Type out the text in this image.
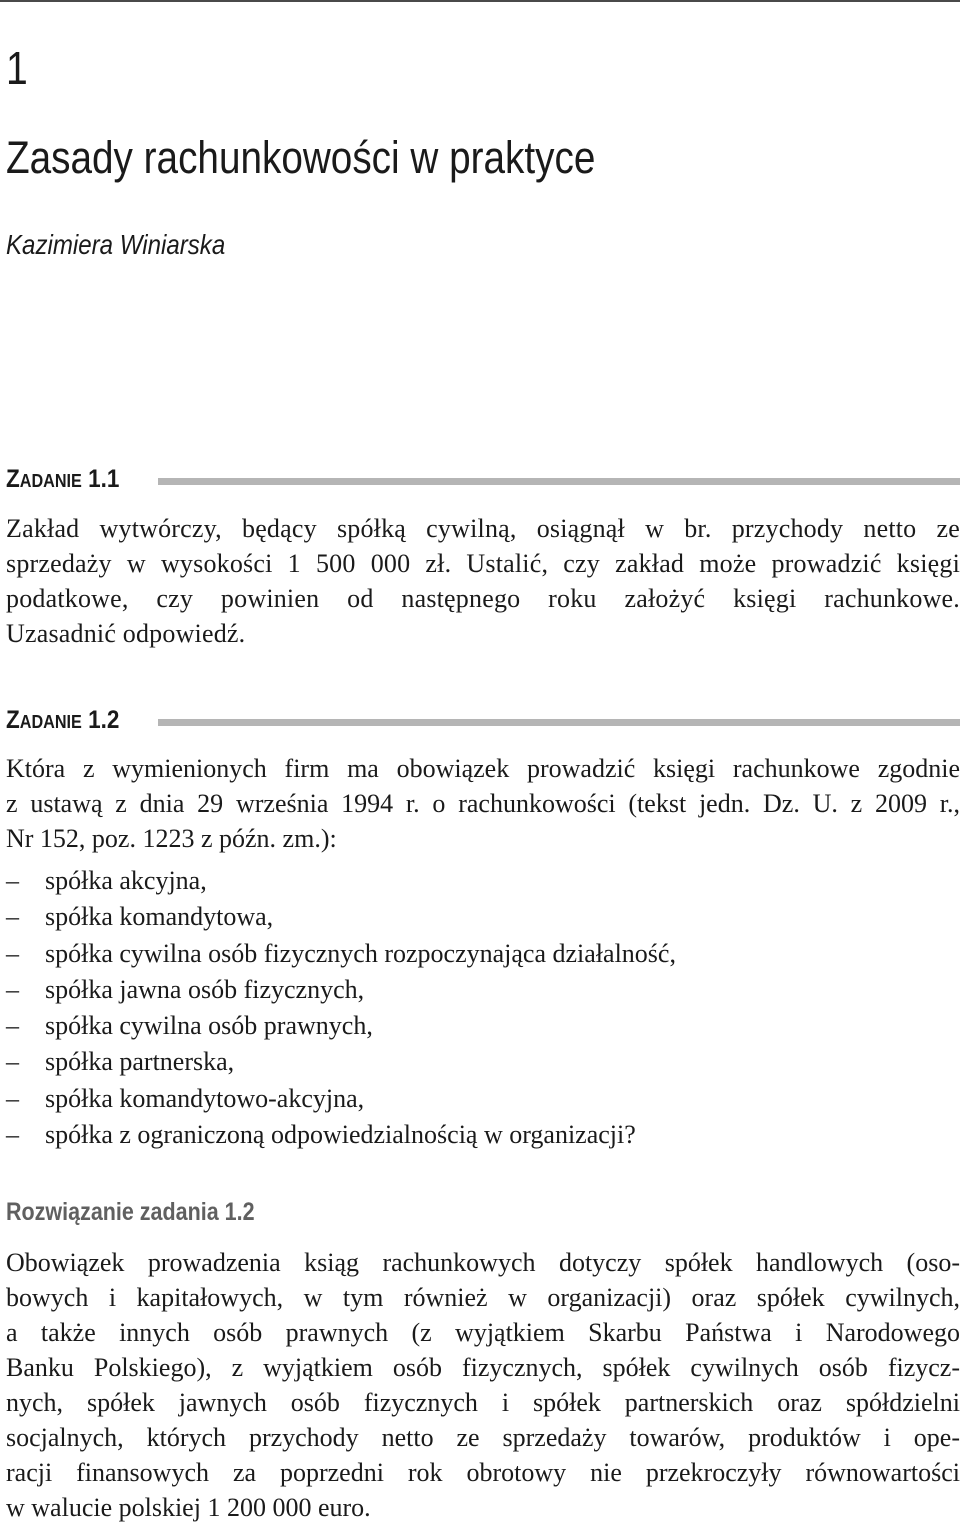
1
Zasady rachunkowości w praktyce
Kazimiera Winiarska
Zadanie 1.1
Zakład wytwórczy, będący spółką cywilną, osiągnął w br. przychody netto ze
sprzedaży w wysokości 1 500 000 zł. Ustalić, czy zakład może prowadzić księgi
podatkowe, czy powinien od następnego roku założyć księgi rachunkowe.
Uzasadnić odpowiedź.
Zadanie 1.2
Która z wymienionych firm ma obowiązek prowadzić księgi rachunkowe zgodnie
z ustawą z dnia 29 września 1994 r. o rachunkowości (tekst jedn. Dz. U. z 2009 r.,
Nr 152, poz. 1223 z późn. zm.):
– spółka akcyjna,
– spółka komandytowa,
– spółka cywilna osób fizycznych rozpoczynająca działalność,
– spółka jawna osób fizycznych,
– spółka cywilna osób prawnych,
– spółka partnerska,
– spółka komandytowo-akcyjna,
– spółka z ograniczoną odpowiedzialnością w organizacji?
Rozwiązanie zadania 1.2
Obowiązek prowadzenia ksiąg rachunkowych dotyczy spółek handlowych (oso-
bowych i kapitałowych, w tym również w organizacji) oraz spółek cywilnych,
a także innych osób prawnych (z wyjątkiem Skarbu Państwa i Narodowego
Banku Polskiego), z wyjątkiem osób fizycznych, spółek cywilnych osób fizycz-
nych, spółek jawnych osób fizycznych i spółek partnerskich oraz spółdzielni
socjalnych, których przychody netto ze sprzedaży towarów, produktów i ope-
racji finansowych za poprzedni rok obrotowy nie przekroczyły równowartości
w walucie polskiej 1 200 000 euro.
